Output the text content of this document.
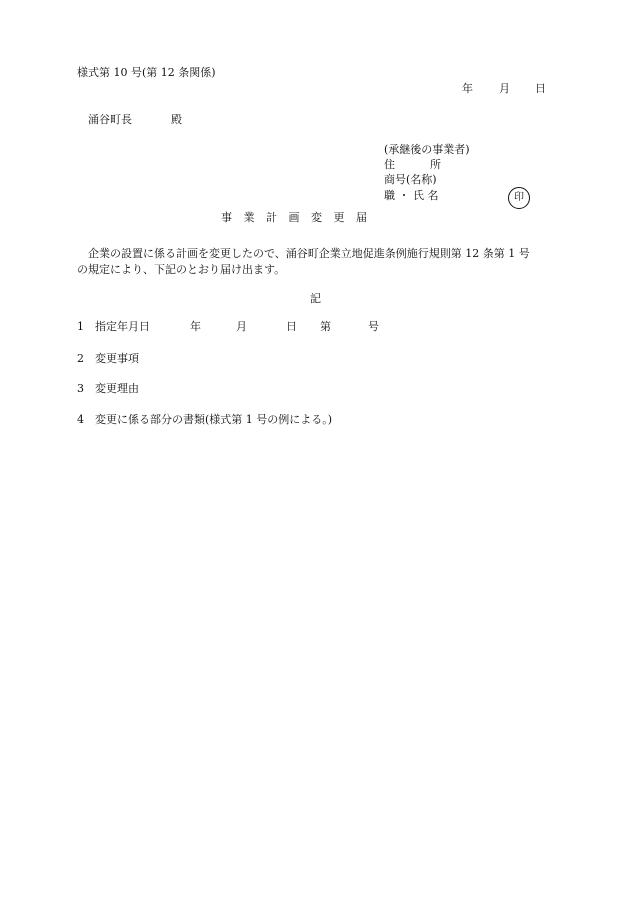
様式第 10 号(第 12 条関係)
年 月 日
涌谷町長	殿
(承継後の事業者)
住	所
商号(名称)
職 ・ 氏 名	印
事 業 計 画 変 更 届
企業の設置に係る計画を変更したので、涌谷町企業立地促進条例施行規則第 12 条第 1 号
の規定により、下記のとおり届け出ます。
記
1 指定年月日	年	月	日 第	号
2 変更事項
3 変更理由
4 変更に係る部分の書類(様式第 1 号の例による。)
